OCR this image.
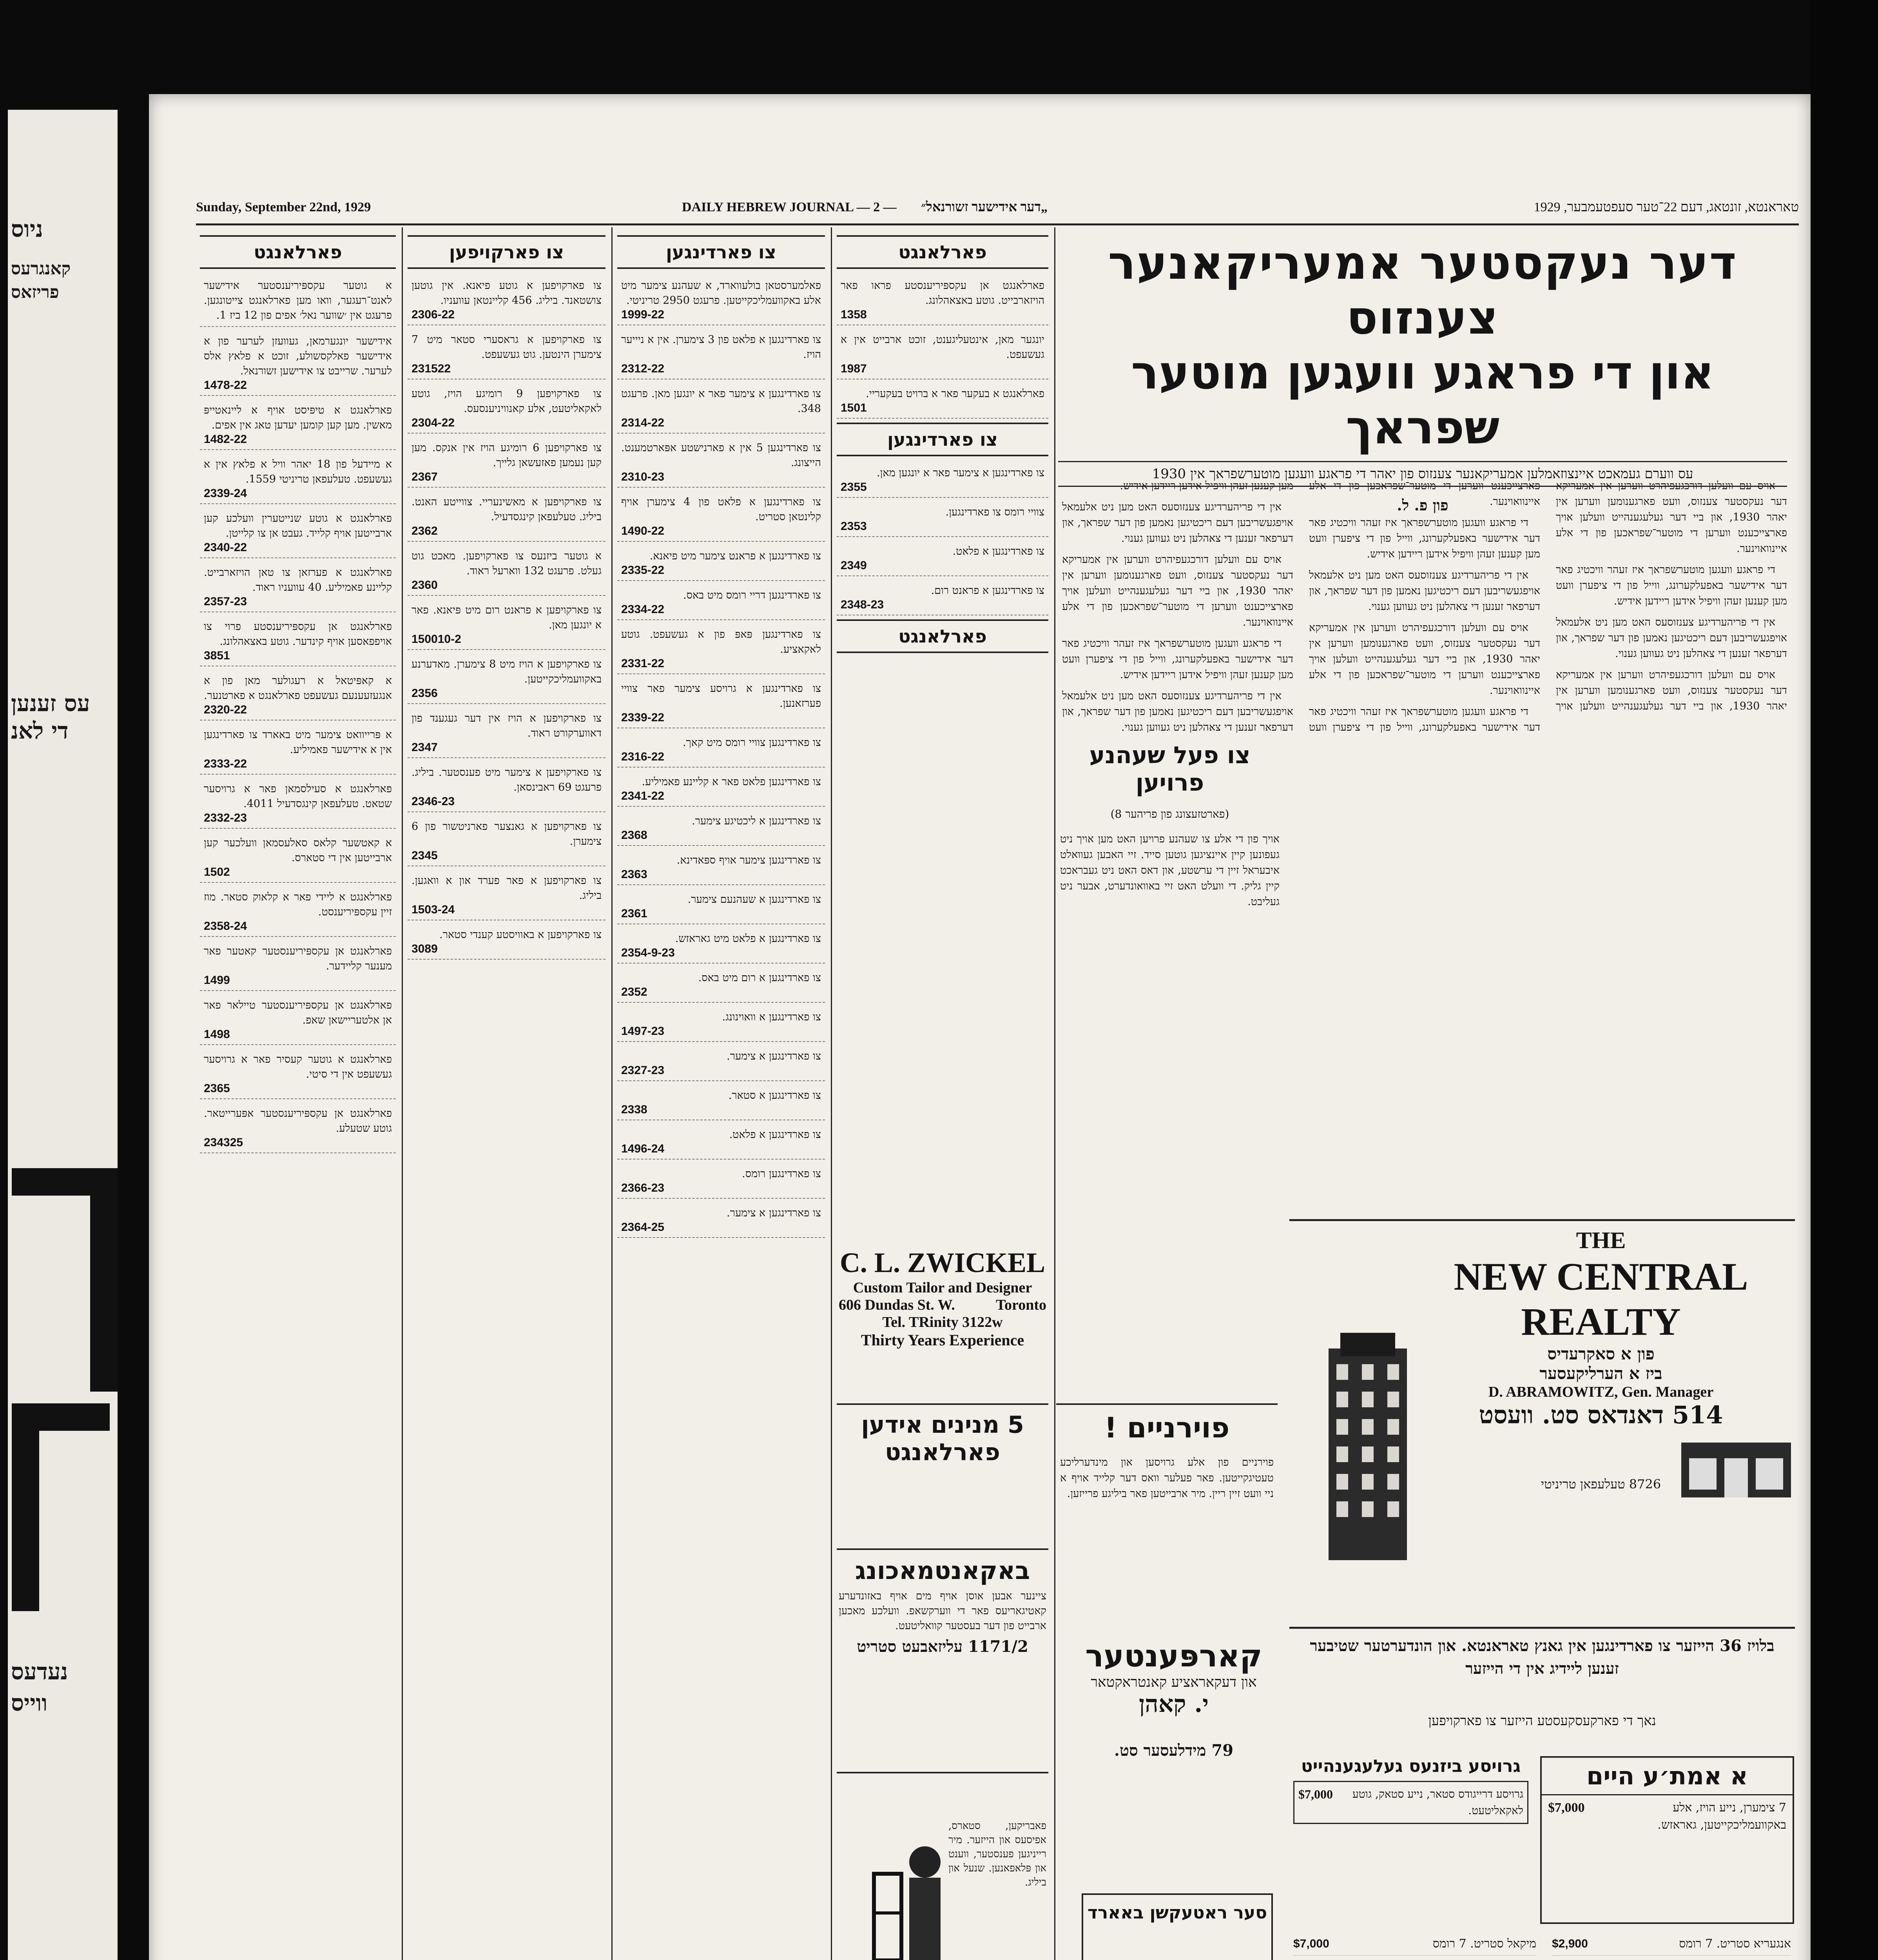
ניוס
קאנגרעס
פריזאס
עס זענען
די לאנ
נעדעס
ווייס
Sunday, September 22nd, 1929	DAILY HEBREW JOURNAL — 2 — „דער אידישער זשורנאל״	טאראנטא, זונטאג, דעם 22־טער סעפטעמבער, 1929
פארלאנגט

א גוטער עקספּיריענסטער אידישער לאנט־רעגער, וואו מען פארלאנגט צייטונגען. פרעגט אין ׳שווער נאל׳ אפים פון 12 ביז 1.

אידישער יונגערמאן, געוועזן לערער פון א אידישער פאלקסשולע, זוכט א פלאץ אלס לערער. שרייבט צו אידישען זשורנאל.

1478-22

פארלאנגט א טיפּיסט אויף א ליינאטייפּ מאשין. מען קען קומען יעדען טאג אין אפים.

1482-22

א מיידעל פון 18 יאהר וויל א פלאץ אין א געשעפט. טעלעפאן טריניטי 1559.

2339-24

פארלאנגט א גוטע שנייטערין וועלכע קען ארבייטען אויף קלייד. געבט אן צו קלייטן.

2340-22

פארלאנגט א פערזאן צו טאן הויזארבייט. קליינע פאמיליע. 40 עוועניו ראוד.

2357-23

פארלאנגט אן עקספּיריענסטע פרוי צו אויפפאסען אויף קינדער. גוטע באצאהלונג.

3851

א קאפּיטאל א רעגולער מאן פון א אנגעזעענעם געשעפט פארלאנגט א פארטנער.

2320-22

א פּרייוואט צימער מיט באארד צו פארדינגען אין א אידישער פאמיליע.

2333-22

פארלאנגט א סעילסמאן פאר א גרויסער שטאט. טעלעפאן קינגסדעיל 4011.

2332-23

א קאטשער קלאס סאלעסמאן וועלכער קען ארבייטען אין די סטארס.

1502

פארלאנגט א ליידי פאר א קלאוק סטאר. מוז זיין עקספּיריענסט.

2358-24

פארלאנגט אן עקספּיריענסטער קאטער פאר מענער קליידער.

1499

פארלאנגט אן עקספּיריענסטער טיילאר פאר אן אלטעריישאן שאפ.

1498

פארלאנגט א גוטער קעסיר פאר א גרויסער געשעפט אין די סיטי.

2365

פארלאנגט אן עקספּיריענסטער אפּערייטאר. גוטע שטעלע.

234325
צו פארקויפען

צו פארקויפען א גוטע פיאנא. אין גוטען צושטאנד. ביליג. 456 קליינטאן עוועניו.

2306-22

צו פארקויפען א גראסערי סטאר מיט 7 צימערן הינטען. גוט געשעפט.

231522

צו פארקויפען 9 רומיגע הויז, גוטע לאקאליטעט, אלע קאנוויניענסעס.

2304-22

צו פארקויפען 6 רומיגע הויז אין אנקס. מען קען נעמען פאזעשאן גלייך.

2367

צו פארקויפען א מאשינעריי. צווייטע האנט. ביליג. טעלעפאן קינגסדעיל.

2362

א גוטער ביזנעס צו פארקויפען. מאכט גוט געלט. פרעגט 132 ווארעל ראוד.

2360

צו פארקויפען א פראנט רום מיט פּיאנא. פאר א יונגען מאן.

150010-2

צו פארקויפען א הויז מיט 8 צימערן. מאדערנע באקוועמליכקייטען.

2356

צו פארקויפען א הויז אין דער געגענד פון דאווערקורט ראוד.

2347

צו פארקויפען א צימער מיט פענסטער. ביליג. פרעגט 69 ראבינסאן.

2346-23

צו פארקויפען א גאנצער פארניטשור פון 6 צימערן.

2345

צו פארקויפען א פאר פערד און א וואגען. ביליג.

1503-24

צו פארקויפען א באוויסטע קענדי סטאר.

3089
צו פארדינגען

פאלמערסטאן בולעווארד, א שעהנע צימער מיט אלע באקוועמליכקייטען. פרעגט 2950 טריניטי.

1999-22

צו פארדינגען א פלאט פון 3 צימערן. אין א ניייער הויז.

2312-22

צו פארדינגען א צימער פאר א יונגען מאן. פרעגט 348.

2314-22

צו פארדינגען 5 אין א פארנישטע אפּארטמענט. הייצונג.

2310-23

צו פארדינגען א פלאט פון 4 צימערן אויף קלינטאן סטריט.

1490-22

צו פארדינגען א פראנט צימער מיט פיאנא.

2335-22

צו פארדינגען דריי רומס מיט באס.

2334-22

צו פארדינגען פּאפּ פון א געשעפט. גוטע לאקאציע.

2331-22

צו פארדינגען א גרויסע צימער פאר צוויי פערזאנען.

2339-22

צו פארדינגען צוויי רומס מיט קאך.

2316-22

צו פארדינגען פלאט פאר א קליינע פאמיליע.

2341-22

צו פארדינגען א ליכטיגע צימער.

2368

צו פארדינגען צימער אויף ספּאדינא.

2363

צו פארדינגען א שעהנעם צימער.

2361

צו פארדינגען א פלאט מיט גאראזש.

2354-9-23

צו פארדינגען א רום מיט באס.

2352

צו פארדינגען א וואוינונג.

1497-23

צו פארדינגען א צימער.

2327-23

צו פארדינגען א סטאר.

2338

צו פארדינגען א פלאט.

1496-24

צו פארדינגען רומס.

2366-23

צו פארדינגען א צימער.

2364-25
פארלאנגט

פארלאנגט אן עקספּיריענסטע פראו פאר הויזארבייט. גוטע באצאהלונג.

1358

יונגער מאן, אינטעליגענט, זוכט ארבייט אין א געשעפט.

1987

פארלאנגט א בעקער פאר א ברויט בעקעריי.

1501
צו פארדינגען

צו פארדינגען א צימער פאר א יונגען מאן.

2355

צוויי רומס צו פארדינגען.

2353

צו פארדינגען א פלאט.

2349

צו פארדינגען א פראנט רום.

2348-23
פארלאנגט
C. L. ZWICKEL
Custom Tailor and Designer
606 Dundas St. W.	Toronto
Tel. TRinity 3122w
Thirty Years Experience
5 מנינים אידען
פארלאנגט
באקאנטמאכונג

ציינער אבען אוסן אויף מים אויף באזונדערע קאטיגאריעס פאר די ווערקשאפ. וועלכע מאכען ארבייט פון דער בעסטער קוואליטעט.

1171/2 עליזאבעט סטריט

פאבריקען, סטארס, אפיסעס און הייזער. מיר רייניגען פענסטער, ווענט און פּלאפאנען. שנעל און ביליג.

צו פעל שעהנע פרויען
(פארטזעצונג פון פריהער 8)

אויך פון די אלע צו שעהנע פרויען האט מען אויך ניט געפונען קיין איינציגען גוטען סייד. זיי האבען געוואלט איבעראל זיין די ערשטע, און דאס האט ניט געבראכט קיין גליק. די וועלט האט זיי באוואונדערט, אבער ניט געליבט.

פוירניים !

פוירניים פון אלע גרויסען און מינדערליכע טעטיגקייטען. פאר פעלער וואס דער קלייד אויף א ניי וועט זיין ריין. מיר ארבייטען פאר ביליגע פרייזען.

קארפּענטער
און דעקאראציע קאנטראקטאר
י. קאהן
79 מידלעסער סט.
סער ראטעקשן באארד
דער נעקסטער אמעריקאנער צענזוס
און די פראגע וועגען מוטער שפראך
עס ווערם געמאכט איינצוזאמלען אמעריקאנער צענזוס פון יאהר די פראגע וועגען מוטערשפראך אין 1930
פון פ. ל.

אויס עם וועלען דורכגעפיהרט ווערען אין אמעריקא דער נעקסטער צענזוס, וועט פארגענומען ווערען אין יאהר 1930, און ביי דער געלעגענהייט וועלען אויך פארצייכענט ווערען די מוטער־שפראכען פון די אלע איינוואוינער.

די פראגע וועגען מוטערשפראך איז זעהר וויכטיג פאר דער אידישער באפעלקערונג, ווייל פון די ציפערן וועט מען קענען זעהן וויפיל אידען ריידען אידיש.

אין די פריהערדיגע צענזוסעס האט מען ניט אלעמאל אויפגעשריבען דעם ריכטיגען נאמען פון דער שפראך, און דערפאר זענען די צאהלען ניט געווען גענוי.

אויס עם וועלען דורכגעפיהרט ווערען אין אמעריקא דער נעקסטער צענזוס, וועט פארגענומען ווערען אין יאהר 1930, און ביי דער געלעגענהייט וועלען אויך פארצייכענט ווערען די מוטער־שפראכען פון די אלע איינוואוינער.

די פראגע וועגען מוטערשפראך איז זעהר וויכטיג פאר דער אידישער באפעלקערונג, ווייל פון די ציפערן וועט מען קענען זעהן וויפיל אידען ריידען אידיש.

אין די פריהערדיגע צענזוסעס האט מען ניט אלעמאל אויפגעשריבען דעם ריכטיגען נאמען פון דער שפראך, און דערפאר זענען די צאהלען ניט געווען גענוי.

אויס עם וועלען דורכגעפיהרט ווערען אין אמעריקא דער נעקסטער צענזוס, וועט פארגענומען ווערען אין יאהר 1930, און ביי דער געלעגענהייט וועלען אויך פארצייכענט ווערען די מוטער־שפראכען פון די אלע איינוואוינער.

די פראגע וועגען מוטערשפראך איז זעהר וויכטיג פאר דער אידישער באפעלקערונג, ווייל פון די ציפערן וועט מען קענען זעהן וויפיל אידען ריידען אידיש.

אין די פריהערדיגע צענזוסעס האט מען ניט אלעמאל אויפגעשריבען דעם ריכטיגען נאמען פון דער שפראך, און דערפאר זענען די צאהלען ניט געווען גענוי.

אויס עם וועלען דורכגעפיהרט ווערען אין אמעריקא דער נעקסטער צענזוס, וועט פארגענומען ווערען אין יאהר 1930, און ביי דער געלעגענהייט וועלען אויך פארצייכענט ווערען די מוטער־שפראכען פון די אלע איינוואוינער.

די פראגע וועגען מוטערשפראך איז זעהר וויכטיג פאר דער אידישער באפעלקערונג, ווייל פון די ציפערן וועט מען קענען זעהן וויפיל אידען ריידען אידיש.

אין די פריהערדיגע צענזוסעס האט מען ניט אלעמאל אויפגעשריבען דעם ריכטיגען נאמען פון דער שפראך, און דערפאר זענען די צאהלען ניט געווען גענוי.

THE
NEW CENTRAL
REALTY
פון א סאקרעדיס
ביז א הערליקעסער
D. ABRAMOWITZ, Gen. Manager
514 דאנדאס סט. וועסט
8726 טעלעפאן טריניטי
בלויז 36 הייזער צו פארדינגען אין גאנץ טאראנטא. און הונדערטער שטיבער זענען ליידיג אין די הייזער
נאך די פארקעסקעסטע הייזער צו פארקויפען
א אמת׳ע היים
$7,000	7 צימערן, נייע הויז, אלע באקוועמליכקייטען, גאראזש.
גרויסע ביזנעס געלעגענהייט
$7,000 גרויסע דרייגודס סטאר, נייע סטאק, גוטע לאקאליטעט.
אנגעריא סטריט. 7 רומס
$2,900
מיקאל סטריט. 7 רומס
$7,000
